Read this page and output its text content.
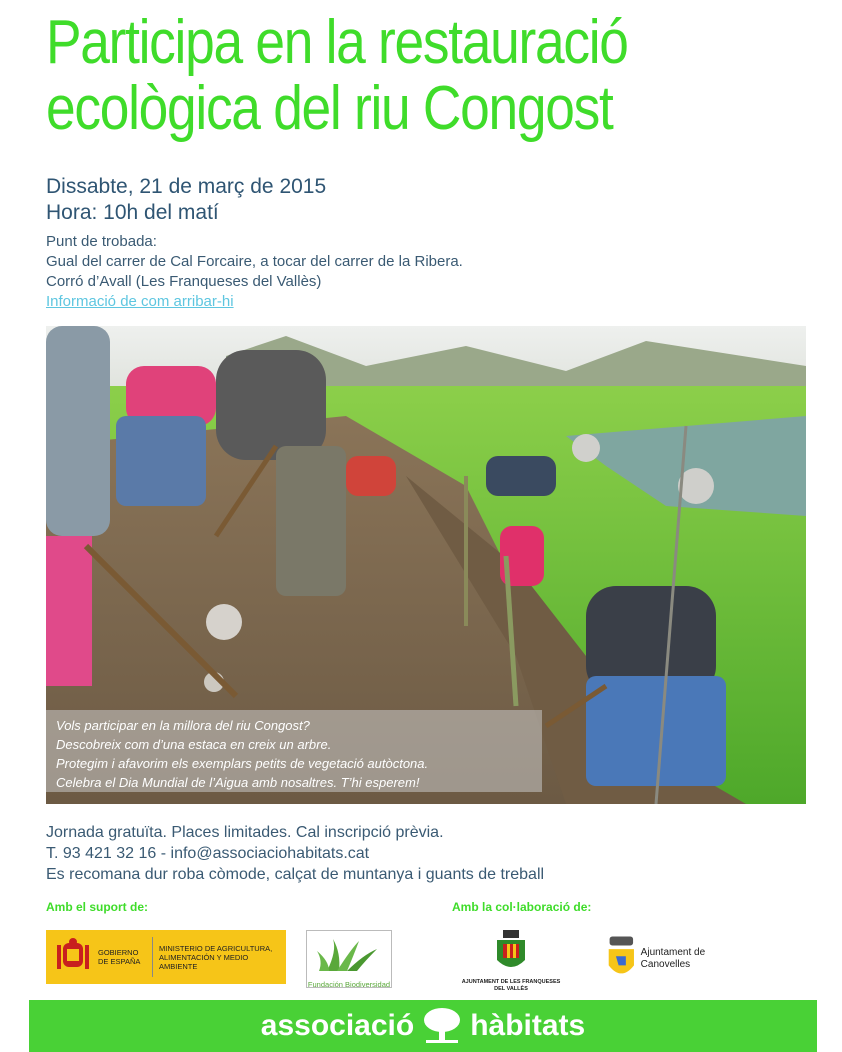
Participa en la restauració
ecològica del riu Congost
Dissabte, 21 de març de 2015
Hora: 10h del matí
Punt de trobada:
Gual del carrer de Cal Forcaire, a tocar del carrer de la Ribera.
Corró d’Avall (Les Franqueses del Vallès)
Informació de com arribar-hi
Vols participar en la millora del riu Congost?
Descobreix com d’una estaca en creix un arbre.
Protegim i afavorim els exemplars petits de vegetació autòctona.
Celebra el Dia Mundial de l’Aigua amb nosaltres. T’hi esperem!
Jornada gratuïta. Places limitades. Cal inscripció prèvia.
T. 93 421 32 16 - info@associaciohabitats.cat
Es recomana dur roba còmode, calçat de muntanya i guants de treball
Amb el suport de:	Amb la col·laboració de:
GOBIERNO DE ESPAÑA
MINISTERIO DE AGRICULTURA, ALIMENTACIÓN Y MEDIO AMBIENTE
Fundación Biodiversidad	AJUNTAMENT DE LES FRANQUESES DEL VALLÈS
Ajuntament de Canovelles
associació hàbitats
